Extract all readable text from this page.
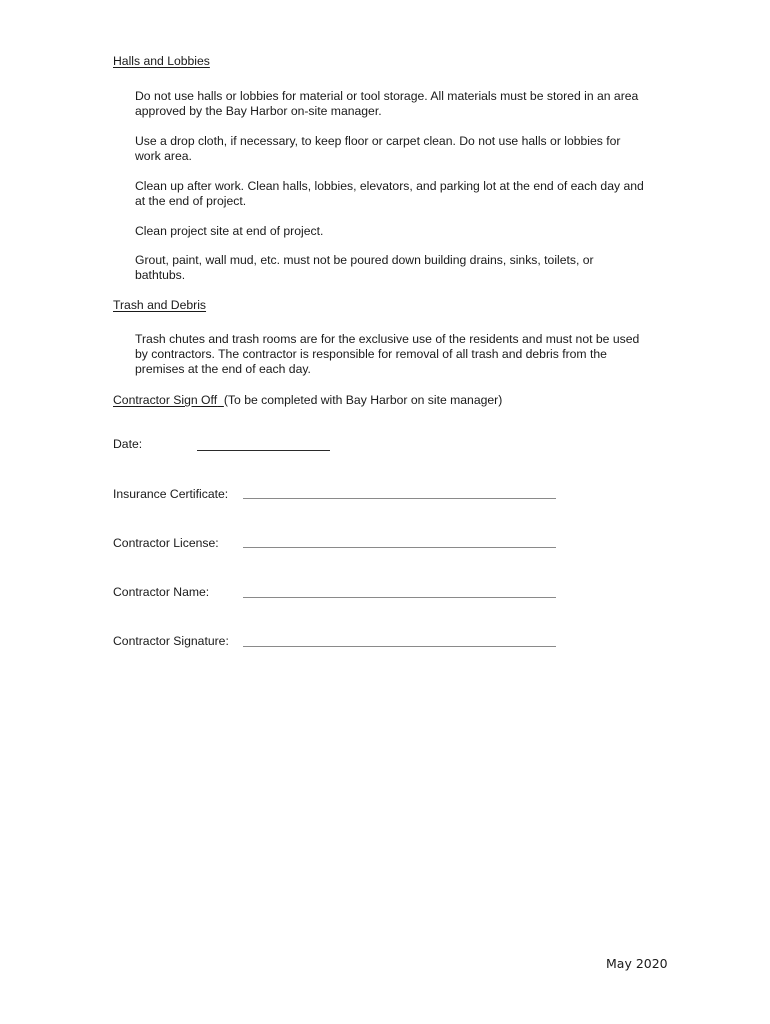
Halls and Lobbies
Do not use halls or lobbies for material or tool storage. All materials must be stored in an area approved by the Bay Harbor on-site manager.
Use a drop cloth, if necessary, to keep floor or carpet clean. Do not use halls or lobbies for work area.
Clean up after work. Clean halls, lobbies, elevators, and parking lot at the end of each day and at the end of project.
Clean project site at end of project.
Grout, paint, wall mud, etc. must not be poured down building drains, sinks, toilets, or bathtubs.
Trash and Debris
Trash chutes and trash rooms are for the exclusive use of the residents and must not be used by contractors. The contractor is responsible for removal of all trash and debris from the premises at the end of each day.
Contractor Sign Off (To be completed with Bay Harbor on site manager)
Date:
Insurance Certificate:
Contractor License:
Contractor Name:
Contractor Signature:
May 2020
